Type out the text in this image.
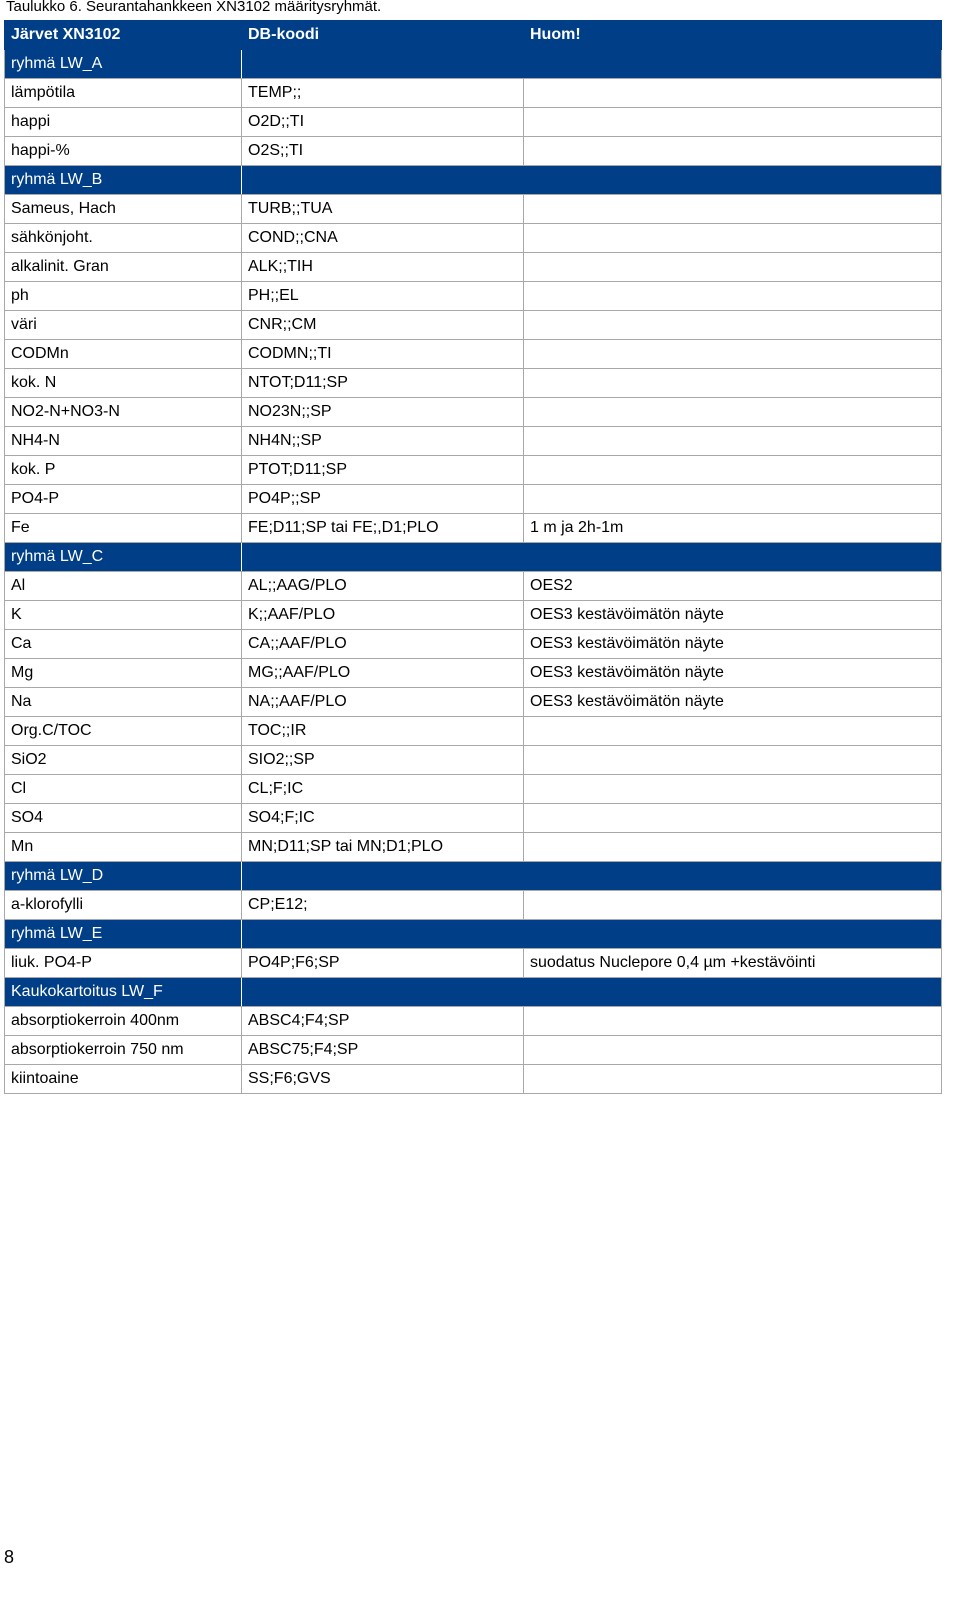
Taulukko 6. Seurantahankkeen XN3102 määritysryhmät.
Järvet XN3102	DB-koodi	Huom!
ryhmä LW_A		
lämpötila	TEMP;;	
happi	O2D;;TI	
happi-%	O2S;;TI	
ryhmä LW_B		
Sameus, Hach	TURB;;TUA	
sähkönjoht.	COND;;CNA	
alkalinit. Gran	ALK;;TIH	
ph	PH;;EL	
väri	CNR;;CM	
CODMn	CODMN;;TI	
kok. N	NTOT;D11;SP	
NO2-N+NO3-N	NO23N;;SP	
NH4-N	NH4N;;SP	
kok. P	PTOT;D11;SP	
PO4-P	PO4P;;SP	
Fe	FE;D11;SP tai FE;,D1;PLO	1 m ja 2h-1m
ryhmä LW_C		
Al	AL;;AAG/PLO	OES2
K	K;;AAF/PLO	OES3 kestävöimätön näyte
Ca	CA;;AAF/PLO	OES3 kestävöimätön näyte
Mg	MG;;AAF/PLO	OES3 kestävöimätön näyte
Na	NA;;AAF/PLO	OES3 kestävöimätön näyte
Org.C/TOC	TOC;;IR	
SiO2	SIO2;;SP	
Cl	CL;F;IC	
SO4	SO4;F;IC	
Mn	MN;D11;SP tai MN;D1;PLO	
ryhmä LW_D		
a-klorofylli	CP;E12;	
ryhmä LW_E		
liuk. PO4-P	PO4P;F6;SP	suodatus Nuclepore 0,4 µm +kestävöinti
Kaukokartoitus LW_F		
absorptiokerroin 400nm	ABSC4;F4;SP	
absorptiokerroin 750 nm	ABSC75;F4;SP	
kiintoaine	SS;F6;GVS	
8
